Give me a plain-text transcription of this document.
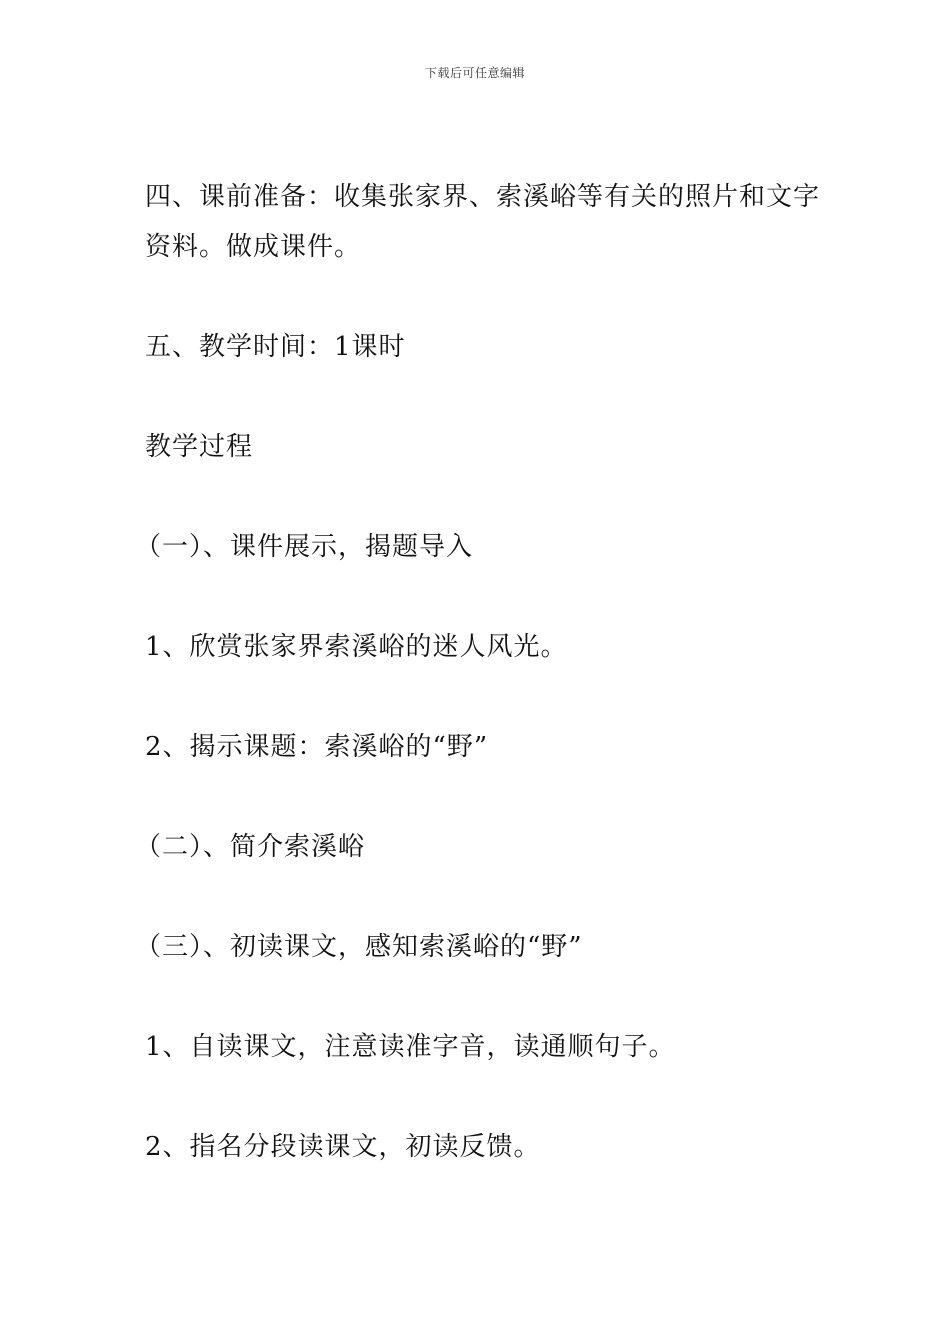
下载后可任意编辑

四、课前准备：收集张家界、索溪峪等有关的照片和文字

资料。做成课件。

五、教学时间：1课时

教学过程

（一）、课件展示，揭题导入

1、欣赏张家界索溪峪的迷人风光。

2、揭示课题：索溪峪的“野”

（二）、简介索溪峪

（三）、初读课文，感知索溪峪的“野”

1、自读课文，注意读准字音，读通顺句子。

2、指名分段读课文，初读反馈。
